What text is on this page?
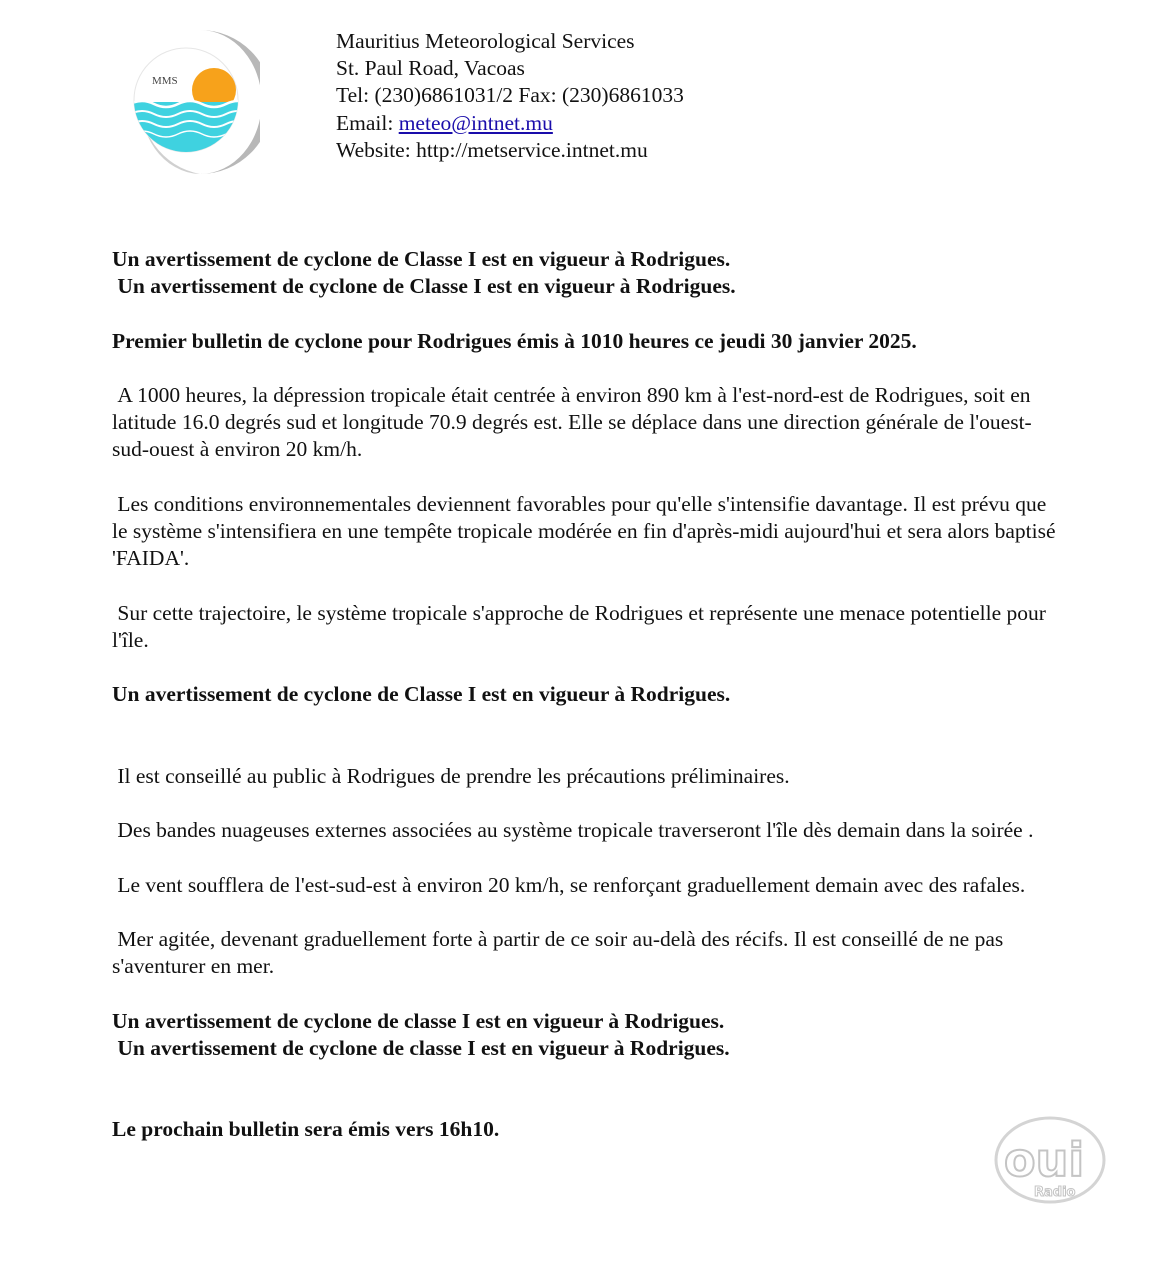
MMS
Mauritius Meteorological Services
St. Paul Road, Vacoas
Tel: (230)6861031/2 Fax: (230)6861033
Email: meteo@intnet.mu
Website: http://metservice.intnet.mu

Un avertissement de cyclone de Classe I est en vigueur à Rodrigues.

Un avertissement de cyclone de Classe I est en vigueur à Rodrigues.

Premier bulletin de cyclone pour Rodrigues émis à 1010 heures ce jeudi 30 janvier 2025.

A 1000 heures, la dépression tropicale était centrée à environ 890 km à l'est-nord-est de Rodrigues, soit en latitude 16.0 degrés sud et longitude 70.9 degrés est. Elle se déplace dans une direction générale de l'ouest-sud-ouest à environ 20 km/h.

Les conditions environnementales deviennent favorables pour qu'elle s'intensifie davantage. Il est prévu que le système s'intensifiera en une tempête tropicale modérée en fin d'après-midi aujourd'hui et sera alors baptisé 'FAIDA'.

Sur cette trajectoire, le système tropicale s'approche de Rodrigues et représente une menace potentielle pour l'île.

Un avertissement de cyclone de Classe I est en vigueur à Rodrigues.

Il est conseillé au public à Rodrigues de prendre les précautions préliminaires.

Des bandes nuageuses externes associées au système tropicale traverseront l'île dès demain dans la soirée .

Le vent soufflera de l'est-sud-est à environ 20 km/h, se renforçant graduellement demain avec des rafales.

Mer agitée, devenant graduellement forte à partir de ce soir au-delà des récifs. Il est conseillé de ne pas s'aventurer en mer.

Un avertissement de cyclone de classe I est en vigueur à Rodrigues.

Un avertissement de cyclone de classe I est en vigueur à Rodrigues.

Le prochain bulletin sera émis vers 16h10.

oui
Radio
